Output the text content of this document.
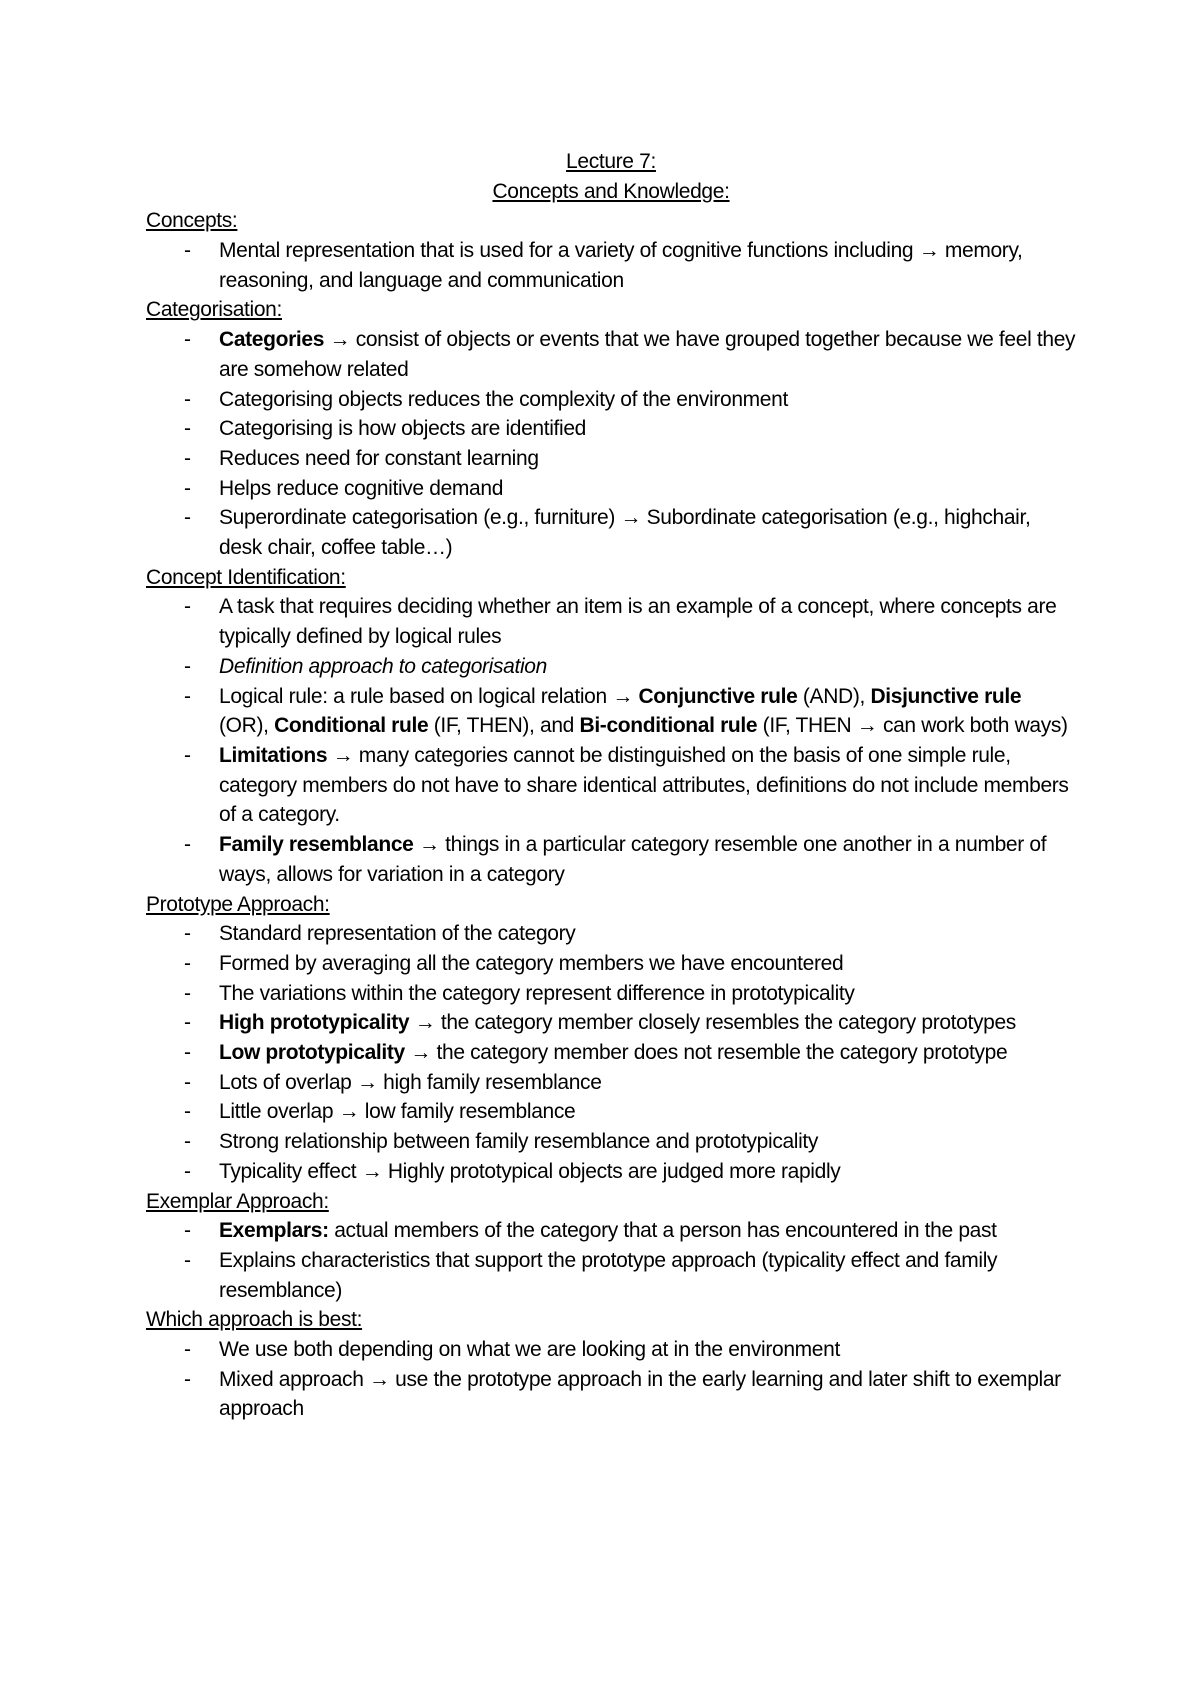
Lecture 7:
Concepts and Knowledge:
Concepts:
- Mental representation that is used for a variety of cognitive functions including → memory, reasoning, and language and communication
Categorisation:
- Categories → consist of objects or events that we have grouped together because we feel they are somehow related
- Categorising objects reduces the complexity of the environment
- Categorising is how objects are identified
- Reduces need for constant learning
- Helps reduce cognitive demand
- Superordinate categorisation (e.g., furniture) → Subordinate categorisation (e.g., highchair, desk chair, coffee table…)
Concept Identification:
- A task that requires deciding whether an item is an example of a concept, where concepts are typically defined by logical rules
- Definition approach to categorisation
- Logical rule: a rule based on logical relation → Conjunctive rule (AND), Disjunctive rule (OR), Conditional rule (IF, THEN), and Bi-conditional rule (IF, THEN → can work both ways)
- Limitations → many categories cannot be distinguished on the basis of one simple rule, category members do not have to share identical attributes, definitions do not include members of a category.
- Family resemblance → things in a particular category resemble one another in a number of ways, allows for variation in a category
Prototype Approach:
- Standard representation of the category
- Formed by averaging all the category members we have encountered
- The variations within the category represent difference in prototypicality
- High prototypicality → the category member closely resembles the category prototypes
- Low prototypicality → the category member does not resemble the category prototype
- Lots of overlap → high family resemblance
- Little overlap → low family resemblance
- Strong relationship between family resemblance and prototypicality
- Typicality effect → Highly prototypical objects are judged more rapidly
Exemplar Approach:
- Exemplars: actual members of the category that a person has encountered in the past
- Explains characteristics that support the prototype approach (typicality effect and family resemblance)
Which approach is best:
- We use both depending on what we are looking at in the environment
- Mixed approach → use the prototype approach in the early learning and later shift to exemplar approach
